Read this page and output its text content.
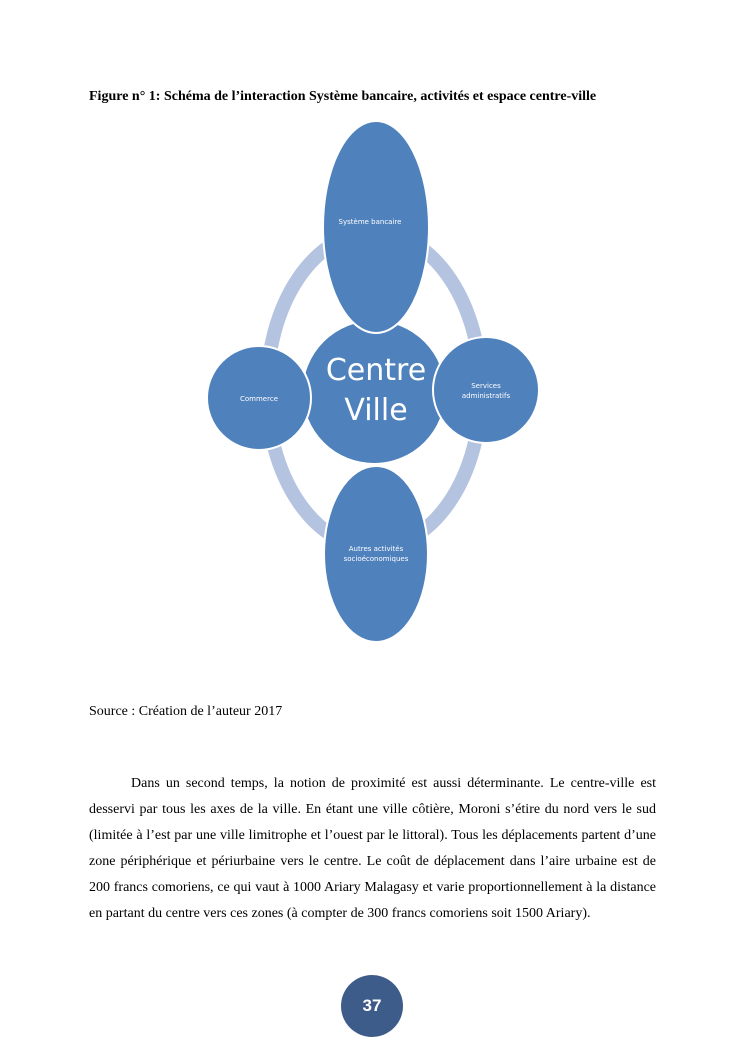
Figure n° 1: Schéma de l’interaction Système bancaire, activités et espace centre-ville
Centre
Ville
Système bancaire
Autres activités
socioéconomiques
Commerce
Services
administratifs
Source : Création de l’auteur 2017

Dans un second temps, la notion de proximité est aussi déterminante. Le centre-ville est desservi par tous les axes de la ville. En étant une ville côtière, Moroni s’étire du nord vers le sud (limitée à l’est par une ville limitrophe et l’ouest par le littoral). Tous les déplacements partent d’une zone périphérique et périurbaine vers le centre. Le coût de déplacement dans l’aire urbaine est de 200 francs comoriens, ce qui vaut à 1000 Ariary Malagasy et varie proportionnellement à la distance en partant du centre vers ces zones (à compter de 300 francs comoriens soit 1500 Ariary).

37
